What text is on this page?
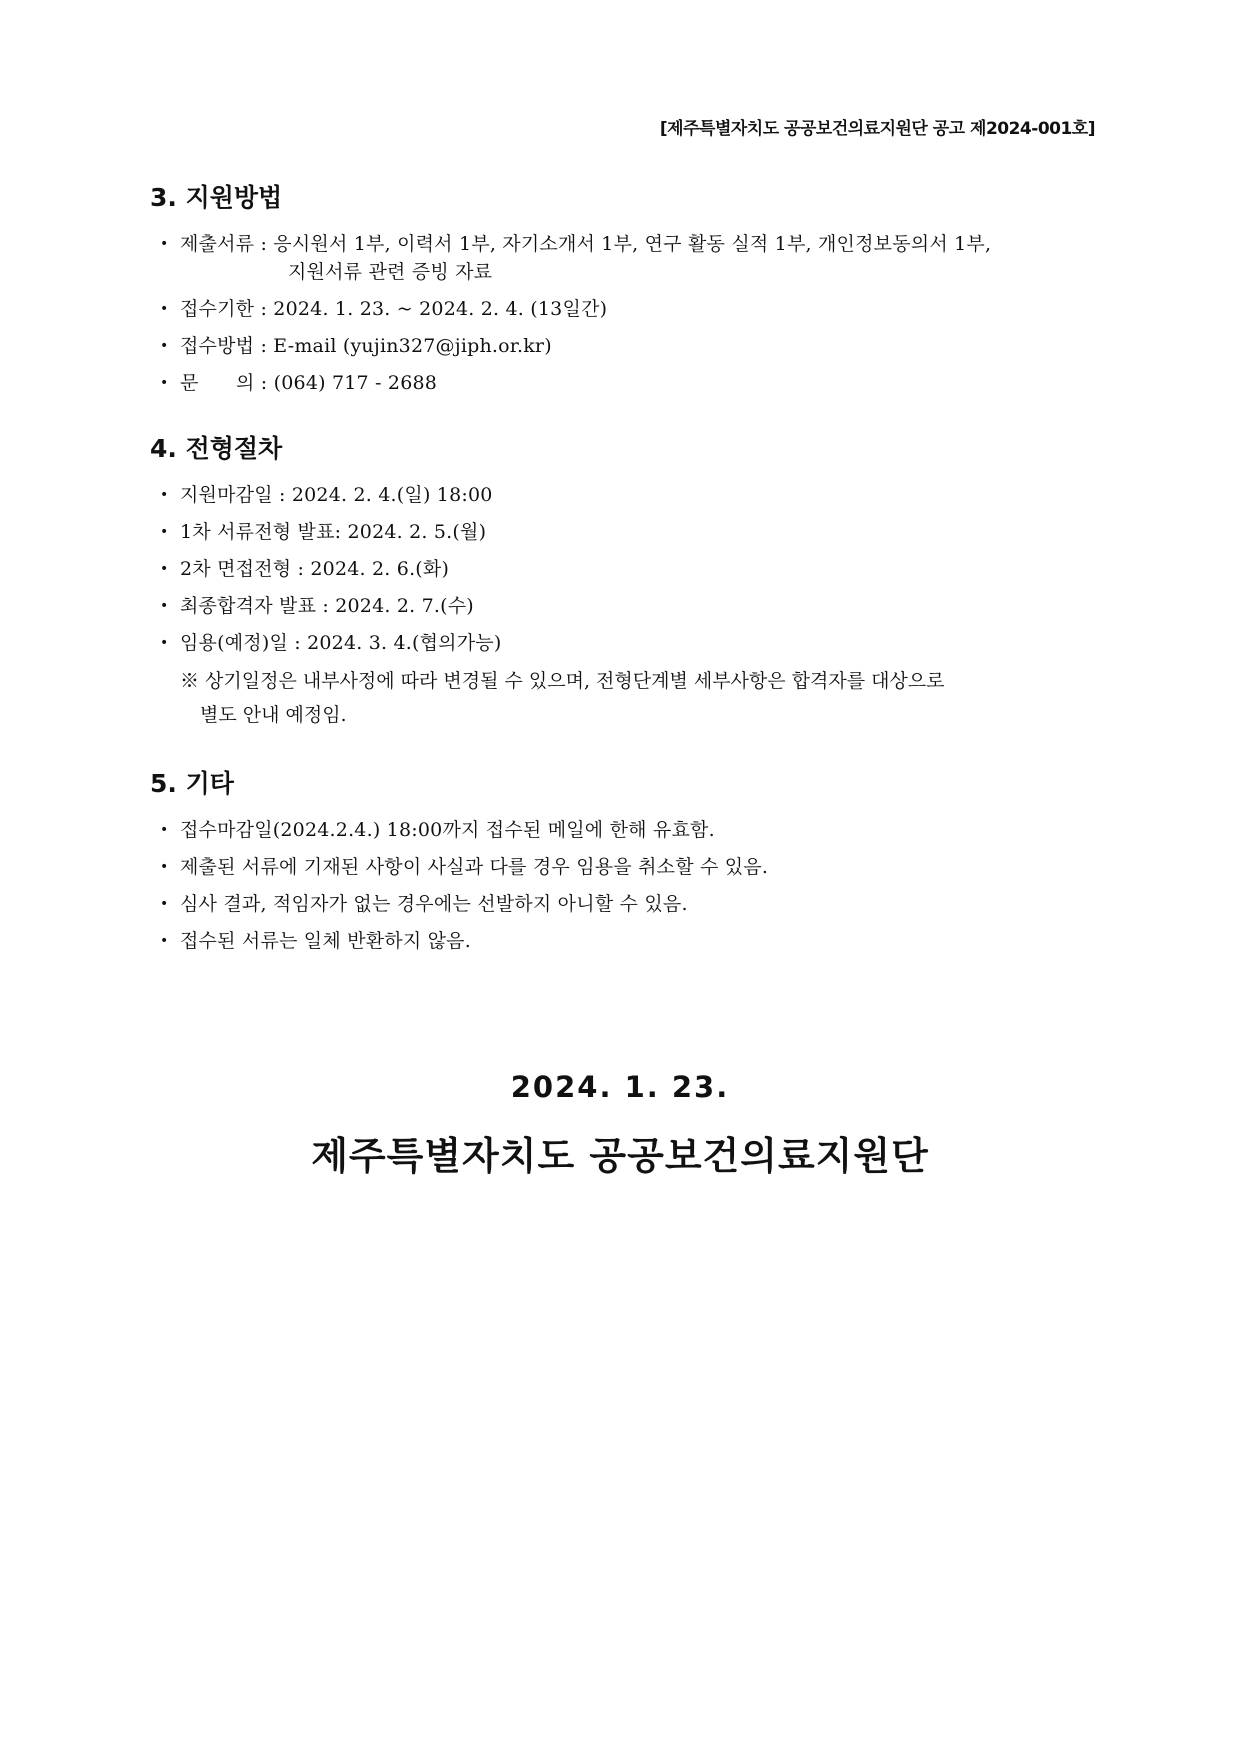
[제주특별자치도 공공보건의료지원단 공고 제2024-001호]
3. 지원방법
• 제출서류 : 응시원서 1부, 이력서 1부, 자기소개서 1부, 연구 활동 실적 1부, 개인정보동의서 1부,
지원서류 관련 증빙 자료
• 접수기한 : 2024. 1. 23. ~ 2024. 2. 4. (13일간)
• 접수방법 : E-mail (yujin327@jiph.or.kr)
• 문      의 : (064) 717 - 2688
4. 전형절차
• 지원마감일 : 2024. 2. 4.(일) 18:00
• 1차 서류전형 발표: 2024. 2. 5.(월)
• 2차 면접전형 : 2024. 2. 6.(화)
• 최종합격자 발표 : 2024. 2. 7.(수)
• 임용(예정)일 : 2024. 3. 4.(협의가능)
※ 상기일정은 내부사정에 따라 변경될 수 있으며, 전형단계별 세부사항은 합격자를 대상으로
별도 안내 예정임.
5. 기타
• 접수마감일(2024.2.4.) 18:00까지 접수된 메일에 한해 유효함.
• 제출된 서류에 기재된 사항이 사실과 다를 경우 임용을 취소할 수 있음.
• 심사 결과, 적임자가 없는 경우에는 선발하지 아니할 수 있음.
• 접수된 서류는 일체 반환하지 않음.
2024. 1. 23.
제주특별자치도 공공보건의료지원단
